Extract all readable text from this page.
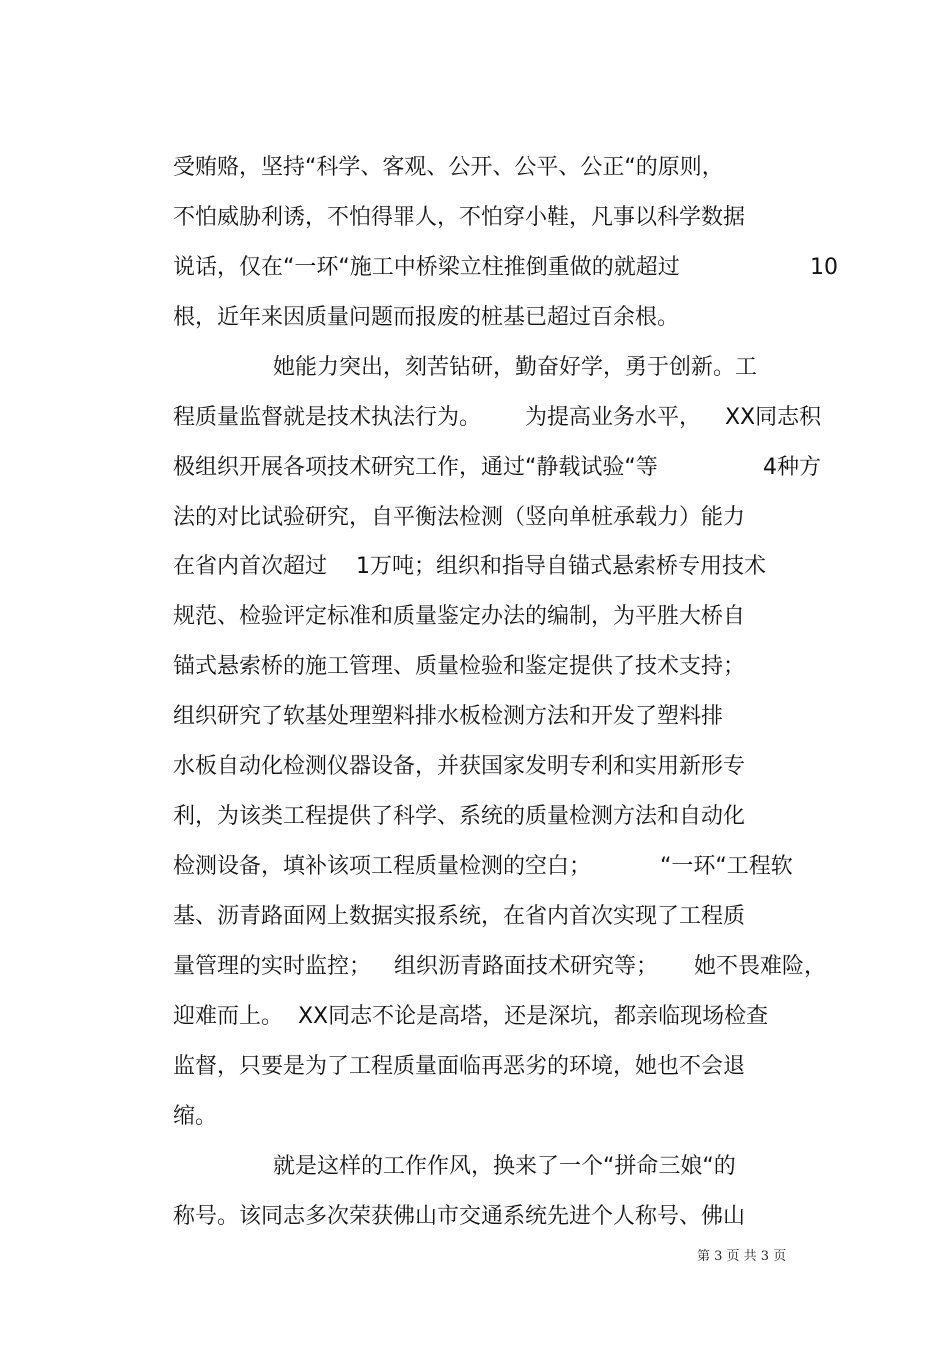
受贿赂，坚持“科学、客观、公开、公平、公正“的原则，

不怕威胁利诱，不怕得罪人，不怕穿小鞋，凡事以科学数据

说话，仅在“一环“施工中桥梁立柱推倒重做的就超过
	10

根，近年来因质量问题而报废的桩基已超过百余根。

她能力突出，刻苦钻研，勤奋好学，勇于创新。工

程质量监督就是技术执法行为。
	为提高业务水平，
	XX同志积

极组织开展各项技术研究工作，通过“静载试验“等
	4种方

法的对比试验研究，自平衡法检测（竖向单桩承载力）能力

在省内首次超过
	1万吨；组织和指导自锚式悬索桥专用技术

规范、检验评定标准和质量鉴定办法的编制，为平胜大桥自

锚式悬索桥的施工管理、质量检验和鉴定提供了技术支持；

组织研究了软基处理塑料排水板检测方法和开发了塑料排

水板自动化检测仪器设备，并获国家发明专利和实用新形专

利，为该类工程提供了科学、系统的质量检测方法和自动化

检测设备，填补该项工程质量检测的空白；
	“一环“工程软

基、沥青路面网上数据实报系统，在省内首次实现了工程质

量管理的实时监控；
	组织沥青路面技术研究等；
	她不畏难险，

迎难而上。
XX同志不论是高塔，还是深坑，都亲临现场检查

监督，只要是为了工程质量面临再恶劣的环境，她也不会退

缩。

就是这样的工作作风，换来了一个“拼命三娘“的

称号。该同志多次荣获佛山市交通系统先进个人称号、佛山

第 3 页 共 3 页
